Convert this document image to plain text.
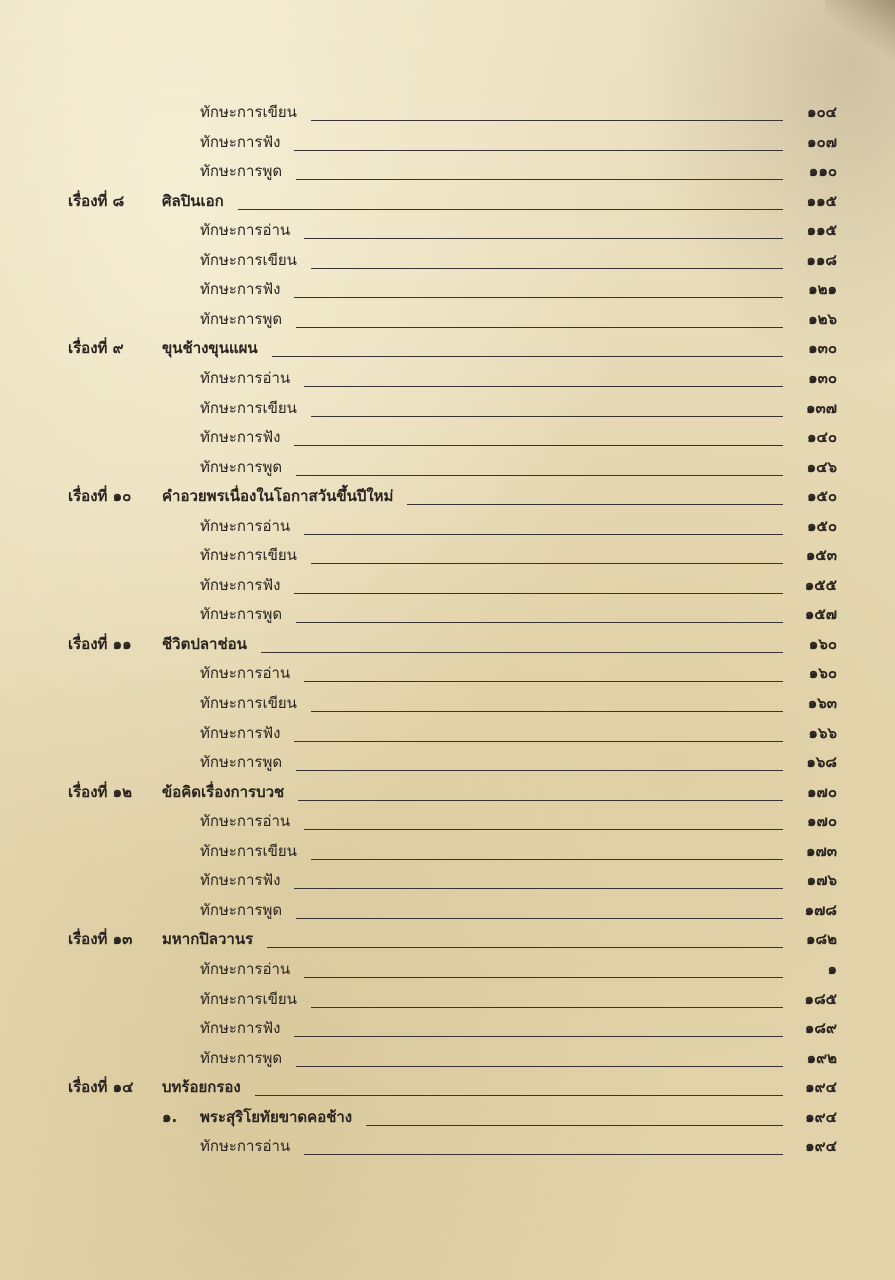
ทักษะการเขียน	๑๐๔
ทักษะการฟัง	๑๐๗
ทักษะการพูด	๑๑๐
เรื่องที่ ๘	ศิลปินเอก	๑๑๕
ทักษะการอ่าน	๑๑๕
ทักษะการเขียน	๑๑๘
ทักษะการฟัง	๑๒๑
ทักษะการพูด	๑๒๖
เรื่องที่ ๙	ขุนช้างขุนแผน	๑๓๐
ทักษะการอ่าน	๑๓๐
ทักษะการเขียน	๑๓๗
ทักษะการฟัง	๑๔๐
ทักษะการพูด	๑๔๖
เรื่องที่ ๑๐ คำอวยพรเนื่องในโอกาสวันขึ้นปีใหม่	๑๕๐
ทักษะการอ่าน	๑๕๐
ทักษะการเขียน	๑๕๓
ทักษะการฟัง	๑๕๕
ทักษะการพูด	๑๕๗
เรื่องที่ ๑๑ ชีวิตปลาช่อน	๑๖๐
ทักษะการอ่าน	๑๖๐
ทักษะการเขียน	๑๖๓
ทักษะการฟัง	๑๖๖
ทักษะการพูด	๑๖๘
เรื่องที่ ๑๒ ข้อคิดเรื่องการบวช	๑๗๐
ทักษะการอ่าน	๑๗๐
ทักษะการเขียน	๑๗๓
ทักษะการฟัง	๑๗๖
ทักษะการพูด	๑๗๘
เรื่องที่ ๑๓ มหากปิลวานร	๑๘๒
ทักษะการอ่าน	๑
ทักษะการเขียน	๑๘๕
ทักษะการฟัง	๑๘๙
ทักษะการพูด	๑๙๒
เรื่องที่ ๑๔ บทร้อยกรอง	๑๙๔
๑. พระสุริโยทัยขาดคอช้าง	๑๙๔
ทักษะการอ่าน	๑๙๔
